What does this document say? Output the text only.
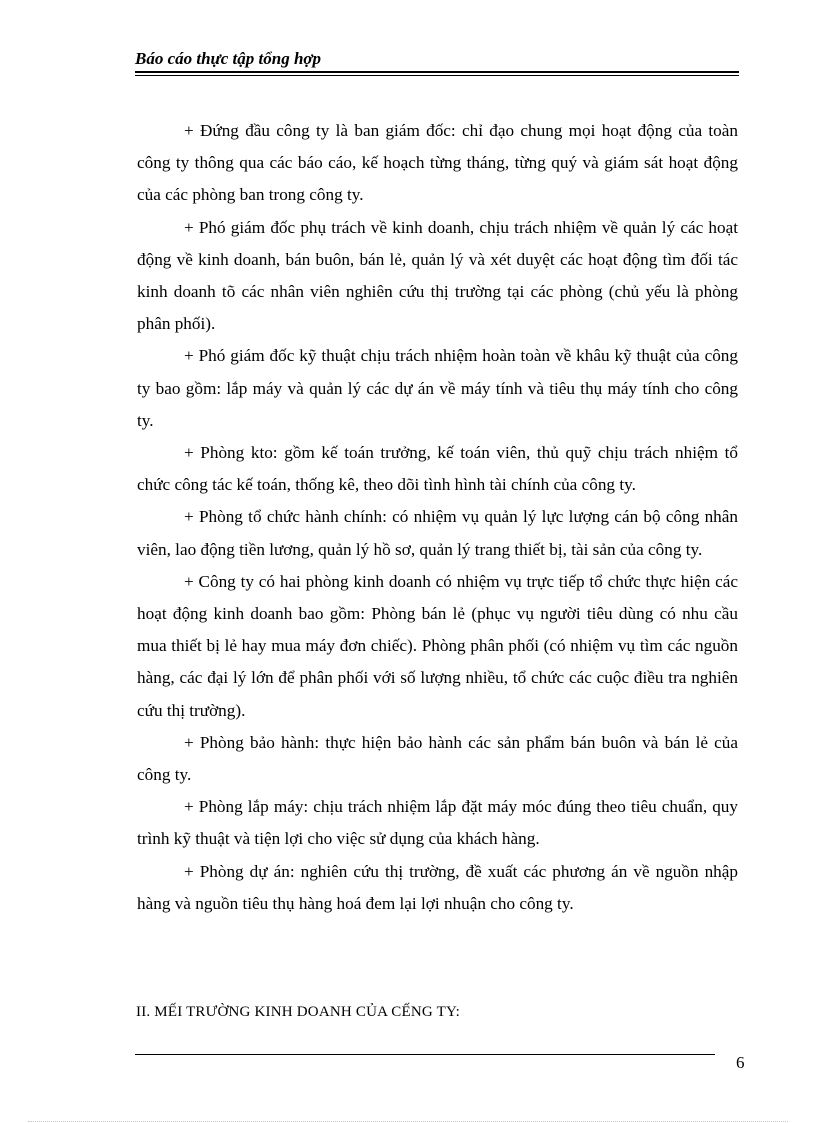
Báo cáo thực tập tổng hợp

+ Đứng đầu công ty là ban giám đốc: chỉ đạo chung mọi hoạt động của toàn công ty thông qua các báo cáo, kế hoạch từng tháng, từng quý và giám sát hoạt động của các phòng ban trong công ty.

+ Phó giám đốc phụ trách về kinh doanh, chịu trách nhiệm về quản lý các hoạt động về kinh doanh, bán buôn, bán lẻ, quản lý và xét duyệt các hoạt động tìm đối tác kinh doanh tõ các nhân viên nghiên cứu thị trường tại các phòng (chủ yếu là phòng phân phối).

+ Phó giám đốc kỹ thuật chịu trách nhiệm hoàn toàn về khâu kỹ thuật của công ty bao gồm: lắp máy và quản lý các dự án về máy tính và tiêu thụ máy tính cho công ty.

+ Phòng kto: gồm kế toán trưởng, kế toán viên, thủ quỹ chịu trách nhiệm tổ chức công tác kế toán, thống kê, theo dõi tình hình tài chính của công ty.

+ Phòng tổ chức hành chính: có nhiệm vụ quản lý lực lượng cán bộ công nhân viên, lao động tiền lương, quản lý hồ sơ, quản lý trang thiết bị, tài sản của công ty.

+ Công ty có hai phòng kinh doanh có nhiệm vụ trực tiếp tổ chức thực hiện các hoạt động kinh doanh bao gồm: Phòng bán lẻ (phục vụ người tiêu dùng có nhu cầu mua thiết bị lẻ hay mua máy đơn chiếc). Phòng phân phối (có nhiệm vụ tìm các nguồn hàng, các đại lý lớn để phân phối với số lượng nhiều, tổ chức các cuộc điều tra nghiên cứu thị trường).

+ Phòng bảo hành: thực hiện bảo hành các sản phẩm bán buôn và bán lẻ của công ty.

+ Phòng lắp máy: chịu trách nhiệm lắp đặt máy móc đúng theo tiêu chuẩn, quy trình kỹ thuật và tiện lợi cho việc sử dụng của khách hàng.

+ Phòng dự án: nghiên cứu thị trường, đề xuất các phương án về nguồn nhập hàng và nguồn tiêu thụ hàng hoá đem lại lợi nhuận cho công ty.

II. MẾI TRƯỜNG KINH DOANH CỦA CẾNG TY:
6
